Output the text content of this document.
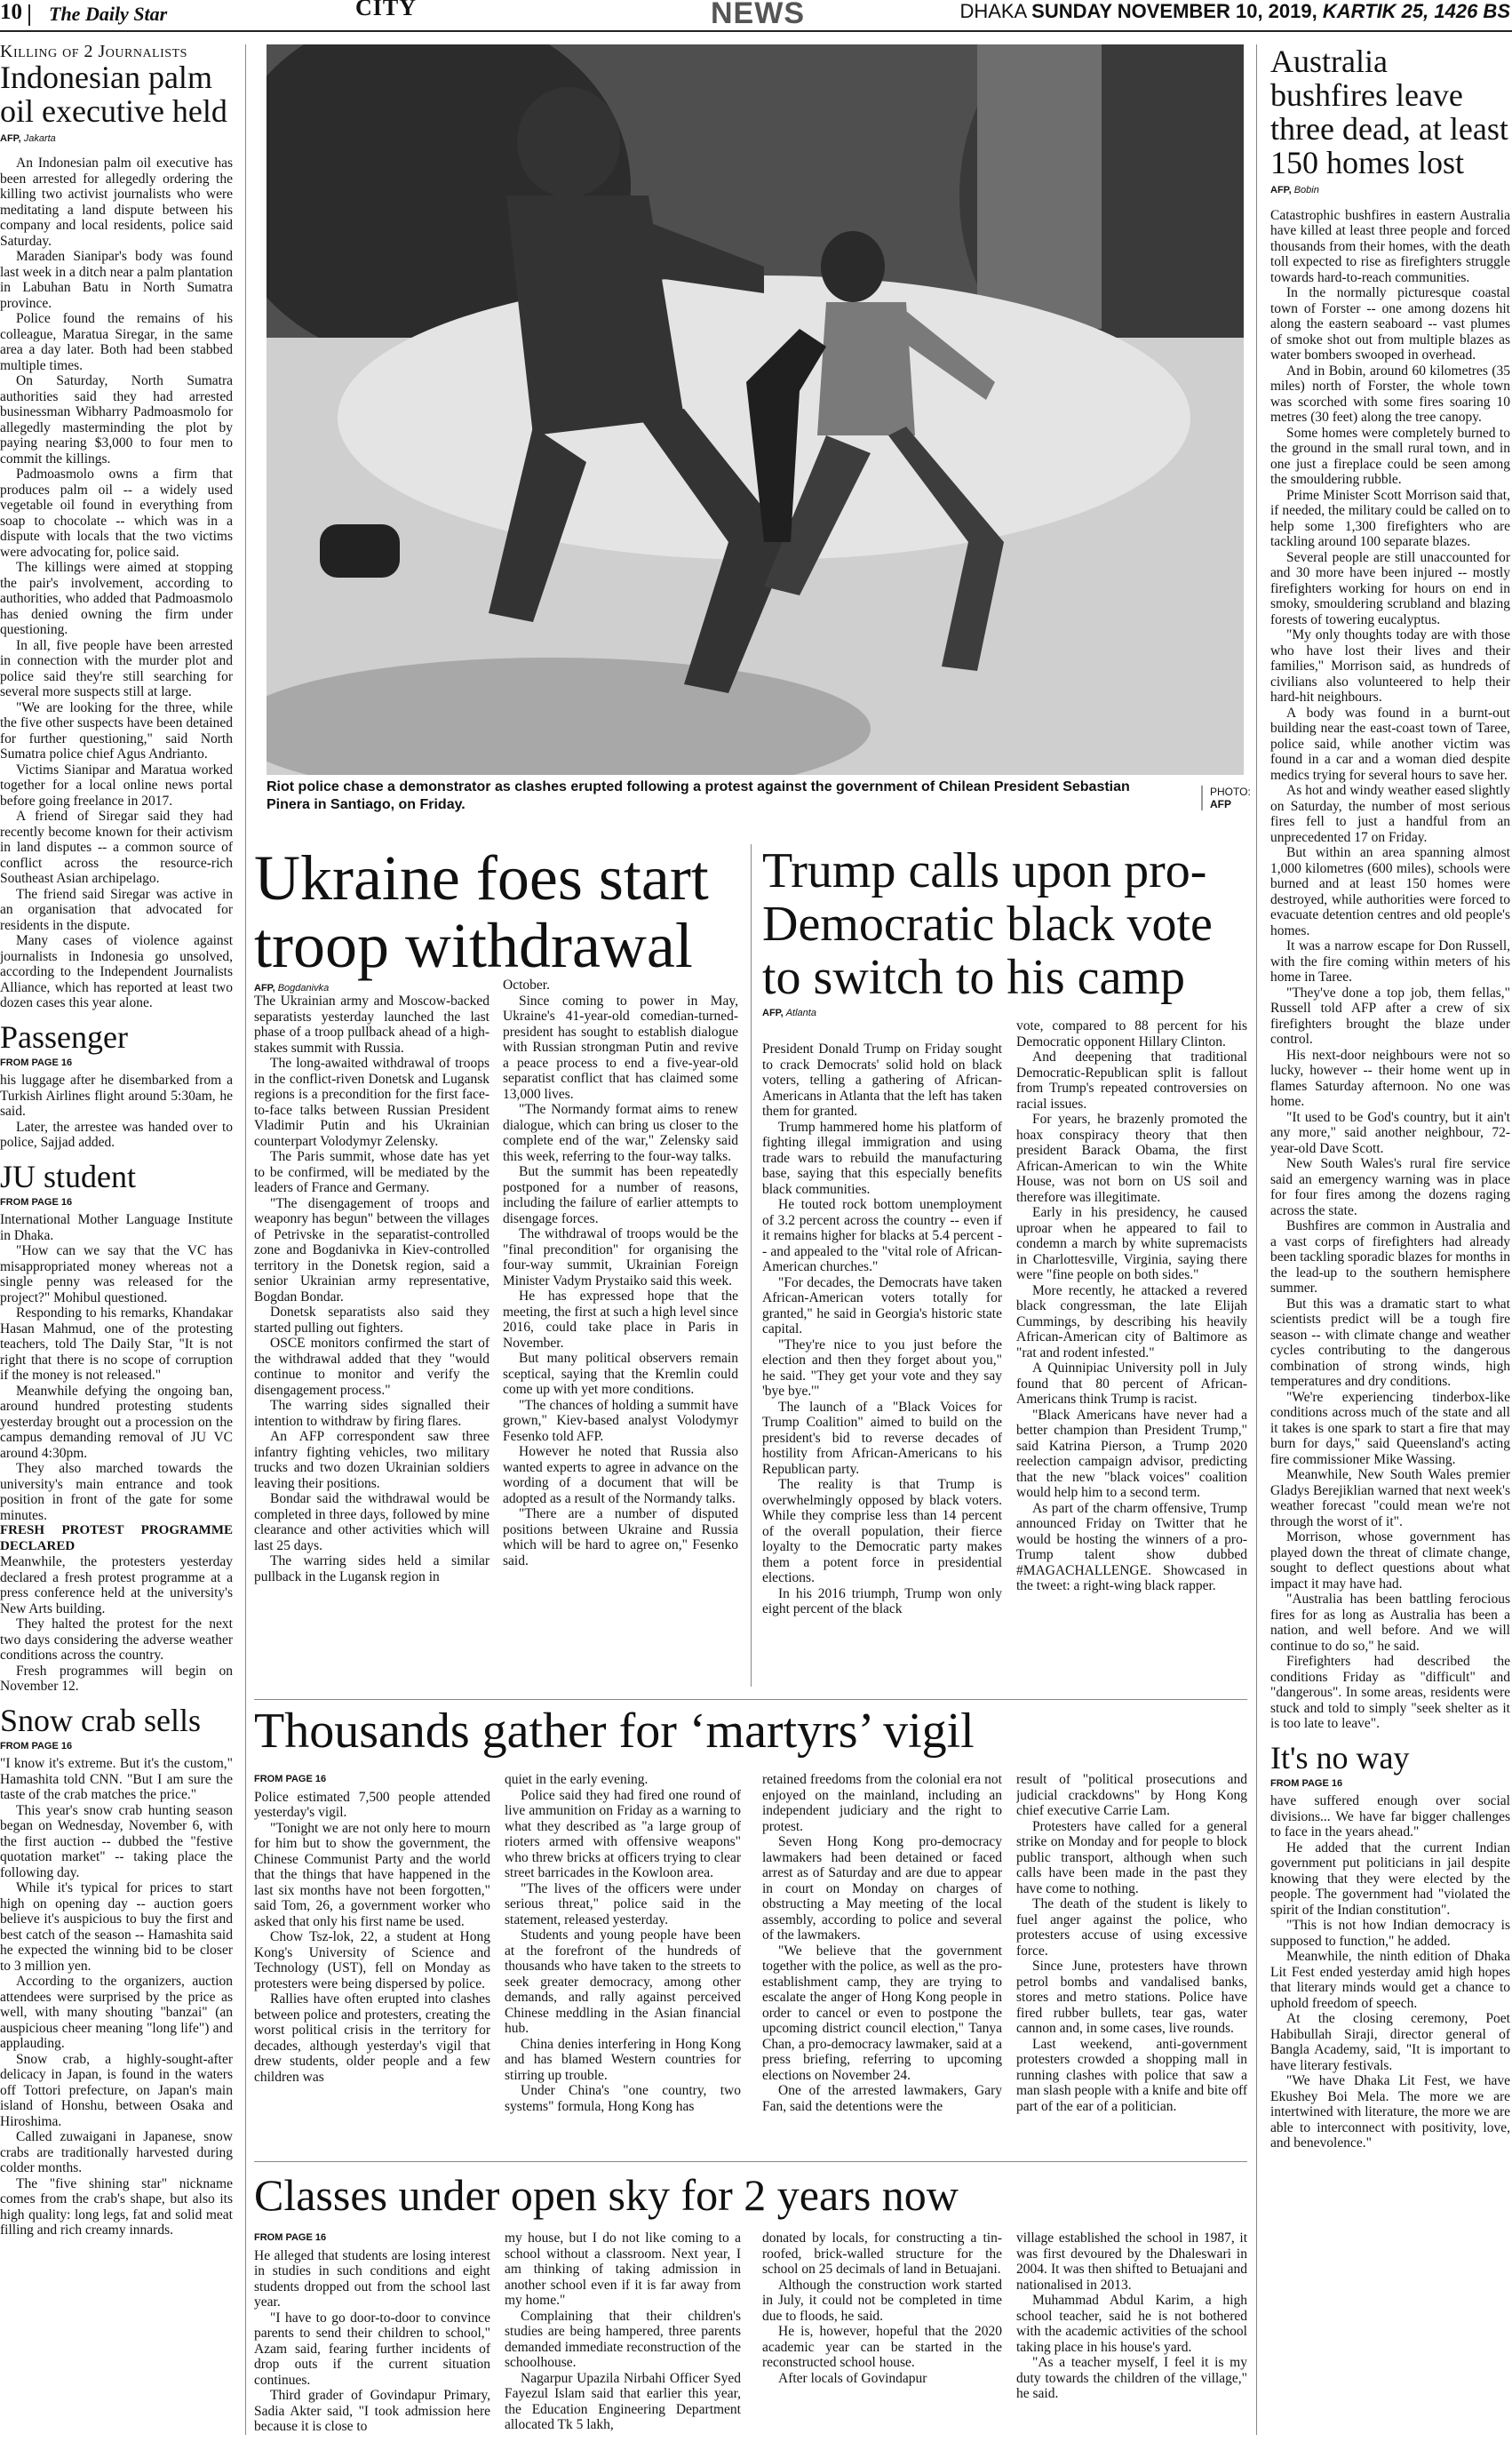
10 The Daily Star	CITY	NEWS	DHAKA SUNDAY NOVEMBER 10, 2019, KARTIK 25, 1426 BS
Killing of 2 Journalists
Indonesian palm oil executive held
AFP, Jakarta

An Indonesian palm oil executive has been arrested for allegedly ordering the killing two activist journalists who were meditating a land dispute between his company and local residents, police said Saturday.

Maraden Sianipar's body was found last week in a ditch near a palm plantation in Labuhan Batu in North Sumatra province.

Police found the remains of his colleague, Maratua Siregar, in the same area a day later. Both had been stabbed multiple times.

On Saturday, North Sumatra authorities said they had arrested businessman Wibharry Padmoasmolo for allegedly masterminding the plot by paying nearing $3,000 to four men to commit the killings.

Padmoasmolo owns a firm that produces palm oil -- a widely used vegetable oil found in everything from soap to chocolate -- which was in a dispute with locals that the two victims were advocating for, police said.

The killings were aimed at stopping the pair's involvement, according to authorities, who added that Padmoasmolo has denied owning the firm under questioning.

In all, five people have been arrested in connection with the murder plot and police said they're still searching for several more suspects still at large.

"We are looking for the three, while the five other suspects have been detained for further questioning," said North Sumatra police chief Agus Andrianto.

Victims Sianipar and Maratua worked together for a local online news portal before going freelance in 2017.

A friend of Siregar said they had recently become known for their activism in land disputes -- a common source of conflict across the resource-rich Southeast Asian archipelago.

The friend said Siregar was active in an organisation that advocated for residents in the dispute.

Many cases of violence against journalists in Indonesia go unsolved, according to the Independent Journalists Alliance, which has reported at least two dozen cases this year alone.

Passenger
FROM PAGE 16

his luggage after he disembarked from a Turkish Airlines flight around 5:30am, he said.

Later, the arrestee was handed over to police, Sajjad added.

JU student
FROM PAGE 16

International Mother Language Institute in Dhaka.

"How can we say that the VC has misappropriated money whereas not a single penny was released for the project?" Mohibul questioned.

Responding to his remarks, Khandakar Hasan Mahmud, one of the protesting teachers, told The Daily Star, "It is not right that there is no scope of corruption if the money is not released."

Meanwhile defying the ongoing ban, around hundred protesting students yesterday brought out a procession on the campus demanding removal of JU VC around 4:30pm.

They also marched towards the university's main entrance and took position in front of the gate for some minutes.

FRESH PROTEST PROGRAMME DECLARED

Meanwhile, the protesters yesterday declared a fresh protest programme at a press conference held at the university's New Arts building.

They halted the protest for the next two days considering the adverse weather conditions across the country.

Fresh programmes will begin on November 12.

Snow crab sells
FROM PAGE 16

"I know it's extreme. But it's the custom," Hamashita told CNN. "But I am sure the taste of the crab matches the price."

This year's snow crab hunting season began on Wednesday, November 6, with the first auction -- dubbed the "festive quotation market" -- taking place the following day.

While it's typical for prices to start high on opening day -- auction goers believe it's auspicious to buy the first and best catch of the season -- Hamashita said he expected the winning bid to be closer to 3 million yen.

According to the organizers, auction attendees were surprised by the price as well, with many shouting "banzai" (an auspicious cheer meaning "long life") and applauding.

Snow crab, a highly-sought-after delicacy in Japan, is found in the waters off Tottori prefecture, on Japan's main island of Honshu, between Osaka and Hiroshima.

Called zuwaigani in Japanese, snow crabs are traditionally harvested during colder months.

The "five shining star" nickname comes from the crab's shape, but also its high quality: long legs, fat and solid meat filling and rich creamy innards.

Riot police chase a demonstrator as clashes erupted following a protest against the government of Chilean President Sebastian Pinera in Santiago, on Friday.
PHOTO:
AFP
Ukraine foes start troop withdrawal
AFP, Bogdanivka

The Ukrainian army and Moscow-backed separatists yesterday launched the last phase of a troop pullback ahead of a high-stakes summit with Russia.

The long-awaited withdrawal of troops in the conflict-riven Donetsk and Lugansk regions is a precondition for the first face-to-face talks between Russian President Vladimir Putin and his Ukrainian counterpart Volodymyr Zelensky.

The Paris summit, whose date has yet to be confirmed, will be mediated by the leaders of France and Germany.

"The disengagement of troops and weaponry has begun" between the villages of Petrivske in the separatist-controlled zone and Bogdanivka in Kiev-controlled territory in the Donetsk region, said a senior Ukrainian army representative, Bogdan Bondar.

Donetsk separatists also said they started pulling out fighters.

OSCE monitors confirmed the start of the withdrawal added that they "would continue to monitor and verify the disengagement process."

The warring sides signalled their intention to withdraw by firing flares.

An AFP correspondent saw three infantry fighting vehicles, two military trucks and two dozen Ukrainian soldiers leaving their positions.

Bondar said the withdrawal would be completed in three days, followed by mine clearance and other activities which will last 25 days.

The warring sides held a similar pullback in the Lugansk region in

October.

Since coming to power in May, Ukraine's 41-year-old comedian-turned-president has sought to establish dialogue with Russian strongman Putin and revive a peace process to end a five-year-old separatist conflict that has claimed some 13,000 lives.

"The Normandy format aims to renew dialogue, which can bring us closer to the complete end of the war," Zelensky said this week, referring to the four-way talks.

But the summit has been repeatedly postponed for a number of reasons, including the failure of earlier attempts to disengage forces.

The withdrawal of troops would be the "final precondition" for organising the four-way summit, Ukrainian Foreign Minister Vadym Prystaiko said this week.

He has expressed hope that the meeting, the first at such a high level since 2016, could take place in Paris in November.

But many political observers remain sceptical, saying that the Kremlin could come up with yet more conditions.

"The chances of holding a summit have grown," Kiev-based analyst Volodymyr Fesenko told AFP.

However he noted that Russia also wanted experts to agree in advance on the wording of a document that will be adopted as a result of the Normandy talks.

"There are a number of disputed positions between Ukraine and Russia which will be hard to agree on," Fesenko said.

Trump calls upon pro-Democratic black vote to switch to his camp
AFP, Atlanta

President Donald Trump on Friday sought to crack Democrats' solid hold on black voters, telling a gathering of African-Americans in Atlanta that the left has taken them for granted.

Trump hammered home his platform of fighting illegal immigration and using trade wars to rebuild the manufacturing base, saying that this especially benefits black communities.

He touted rock bottom unemployment of 3.2 percent across the country -- even if it remains higher for blacks at 5.4 percent -- and appealed to the "vital role of African-American churches."

"For decades, the Democrats have taken African-American voters totally for granted," he said in Georgia's historic state capital.

"They're nice to you just before the election and then they forget about you," he said. "They get your vote and they say 'bye bye.'"

The launch of a "Black Voices for Trump Coalition" aimed to build on the president's bid to reverse decades of hostility from African-Americans to his Republican party.

The reality is that Trump is overwhelmingly opposed by black voters. While they comprise less than 14 percent of the overall population, their fierce loyalty to the Democratic party makes them a potent force in presidential elections.

In his 2016 triumph, Trump won only eight percent of the black

vote, compared to 88 percent for his Democratic opponent Hillary Clinton.

And deepening that traditional Democratic-Republican split is fallout from Trump's repeated controversies on racial issues.

For years, he brazenly promoted the hoax conspiracy theory that then president Barack Obama, the first African-American to win the White House, was not born on US soil and therefore was illegitimate.

Early in his presidency, he caused uproar when he appeared to fail to condemn a march by white supremacists in Charlottesville, Virginia, saying there were "fine people on both sides."

More recently, he attacked a revered black congressman, the late Elijah Cummings, by describing his heavily African-American city of Baltimore as "rat and rodent infested."

A Quinnipiac University poll in July found that 80 percent of African-Americans think Trump is racist.

"Black Americans have never had a better champion than President Trump," said Katrina Pierson, a Trump 2020 reelection campaign advisor, predicting that the new "black voices" coalition would help him to a second term.

As part of the charm offensive, Trump announced Friday on Twitter that he would be hosting the winners of a pro-Trump talent show dubbed #MAGACHALLENGE. Showcased in the tweet: a right-wing black rapper.

Thousands gather for ‘martyrs’ vigil
FROM PAGE 16

Police estimated 7,500 people attended yesterday's vigil.

"Tonight we are not only here to mourn for him but to show the government, the Chinese Communist Party and the world that the things that have happened in the last six months have not been forgotten," said Tom, 26, a government worker who asked that only his first name be used.

Chow Tsz-lok, 22, a student at Hong Kong's University of Science and Technology (UST), fell on Monday as protesters were being dispersed by police.

Rallies have often erupted into clashes between police and protesters, creating the worst political crisis in the territory for decades, although yesterday's vigil that drew students, older people and a few children was

quiet in the early evening.

Police said they had fired one round of live ammunition on Friday as a warning to what they described as "a large group of rioters armed with offensive weapons" who threw bricks at officers trying to clear street barricades in the Kowloon area.

"The lives of the officers were under serious threat," police said in the statement, released yesterday.

Students and young people have been at the forefront of the hundreds of thousands who have taken to the streets to seek greater democracy, among other demands, and rally against perceived Chinese meddling in the Asian financial hub.

China denies interfering in Hong Kong and has blamed Western countries for stirring up trouble.

Under China's "one country, two systems" formula, Hong Kong has

retained freedoms from the colonial era not enjoyed on the mainland, including an independent judiciary and the right to protest.

Seven Hong Kong pro-democracy lawmakers had been detained or faced arrest as of Saturday and are due to appear in court on Monday on charges of obstructing a May meeting of the local assembly, according to police and several of the lawmakers.

"We believe that the government together with the police, as well as the pro-establishment camp, they are trying to escalate the anger of Hong Kong people in order to cancel or even to postpone the upcoming district council election," Tanya Chan, a pro-democracy lawmaker, said at a press briefing, referring to upcoming elections on November 24.

One of the arrested lawmakers, Gary Fan, said the detentions were the

result of "political prosecutions and judicial crackdowns" by Hong Kong chief executive Carrie Lam.

Protesters have called for a general strike on Monday and for people to block public transport, although when such calls have been made in the past they have come to nothing.

The death of the student is likely to fuel anger against the police, who protesters accuse of using excessive force.

Since June, protesters have thrown petrol bombs and vandalised banks, stores and metro stations. Police have fired rubber bullets, tear gas, water cannon and, in some cases, live rounds.

Last weekend, anti-government protesters crowded a shopping mall in running clashes with police that saw a man slash people with a knife and bite off part of the ear of a politician.

Classes under open sky for 2 years now
FROM PAGE 16

He alleged that students are losing interest in studies in such conditions and eight students dropped out from the school last year.

"I have to go door-to-door to convince parents to send their children to school," Azam said, fearing further incidents of drop outs if the current situation continues.

Third grader of Govindapur Primary, Sadia Akter said, "I took admission here because it is close to

my house, but I do not like coming to a school without a classroom. Next year, I am thinking of taking admission in another school even if it is far away from my home."

Complaining that their children's studies are being hampered, three parents demanded immediate reconstruction of the schoolhouse.

Nagarpur Upazila Nirbahi Officer Syed Fayezul Islam said that earlier this year, the Education Engineering Department allocated Tk 5 lakh,

donated by locals, for constructing a tin-roofed, brick-walled structure for the school on 25 decimals of land in Betuajani.

Although the construction work started in July, it could not be completed in time due to floods, he said.

He is, however, hopeful that the 2020 academic year can be started in the reconstructed school house.

After locals of Govindapur

village established the school in 1987, it was first devoured by the Dhaleswari in 2004. It was then shifted to Betuajani and nationalised in 2013.

Muhammad Abdul Karim, a high school teacher, said he is not bothered with the academic activities of the school taking place in his house's yard.

"As a teacher myself, I feel it is my duty towards the children of the village," he said.

Australia bushfires leave three dead, at least 150 homes lost
AFP, Bobin

Catastrophic bushfires in eastern Australia have killed at least three people and forced thousands from their homes, with the death toll expected to rise as firefighters struggle towards hard-to-reach communities.

In the normally picturesque coastal town of Forster -- one among dozens hit along the eastern seaboard -- vast plumes of smoke shot out from multiple blazes as water bombers swooped in overhead.

And in Bobin, around 60 kilometres (35 miles) north of Forster, the whole town was scorched with some fires soaring 10 metres (30 feet) along the tree canopy.

Some homes were completely burned to the ground in the small rural town, and in one just a fireplace could be seen among the smouldering rubble.

Prime Minister Scott Morrison said that, if needed, the military could be called on to help some 1,300 firefighters who are tackling around 100 separate blazes.

Several people are still unaccounted for and 30 more have been injured -- mostly firefighters working for hours on end in smoky, smouldering scrubland and blazing forests of towering eucalyptus.

"My only thoughts today are with those who have lost their lives and their families," Morrison said, as hundreds of civilians also volunteered to help their hard-hit neighbours.

A body was found in a burnt-out building near the east-coast town of Taree, police said, while another victim was found in a car and a woman died despite medics trying for several hours to save her.

As hot and windy weather eased slightly on Saturday, the number of most serious fires fell to just a handful from an unprecedented 17 on Friday.

But within an area spanning almost 1,000 kilometres (600 miles), schools were burned and at least 150 homes were destroyed, while authorities were forced to evacuate detention centres and old people's homes.

It was a narrow escape for Don Russell, with the fire coming within meters of his home in Taree.

"They've done a top job, them fellas," Russell told AFP after a crew of six firefighters brought the blaze under control.

His next-door neighbours were not so lucky, however -- their home went up in flames Saturday afternoon. No one was home.

"It used to be God's country, but it ain't any more," said another neighbour, 72-year-old Dave Scott.

New South Wales's rural fire service said an emergency warning was in place for four fires among the dozens raging across the state.

Bushfires are common in Australia and a vast corps of firefighters had already been tackling sporadic blazes for months in the lead-up to the southern hemisphere summer.

But this was a dramatic start to what scientists predict will be a tough fire season -- with climate change and weather cycles contributing to the dangerous combination of strong winds, high temperatures and dry conditions.

"We're experiencing tinderbox-like conditions across much of the state and all it takes is one spark to start a fire that may burn for days," said Queensland's acting fire commissioner Mike Wassing.

Meanwhile, New South Wales premier Gladys Berejiklian warned that next week's weather forecast "could mean we're not through the worst of it".

Morrison, whose government has played down the threat of climate change, sought to deflect questions about what impact it may have had.

"Australia has been battling ferocious fires for as long as Australia has been a nation, and well before. And we will continue to do so," he said.

Firefighters had described the conditions Friday as "difficult" and "dangerous". In some areas, residents were stuck and told to simply "seek shelter as it is too late to leave".

It's no way
FROM PAGE 16

have suffered enough over social divisions... We have far bigger challenges to face in the years ahead."

He added that the current Indian government put politicians in jail despite knowing that they were elected by the people. The government had "violated the spirit of the Indian constitution".

"This is not how Indian democracy is supposed to function," he added.

Meanwhile, the ninth edition of Dhaka Lit Fest ended yesterday amid high hopes that literary minds would get a chance to uphold freedom of speech.

At the closing ceremony, Poet Habibullah Siraji, director general of Bangla Academy, said, "It is important to have literary festivals.

"We have Dhaka Lit Fest, we have Ekushey Boi Mela. The more we are intertwined with literature, the more we are able to interconnect with positivity, love, and benevolence."
